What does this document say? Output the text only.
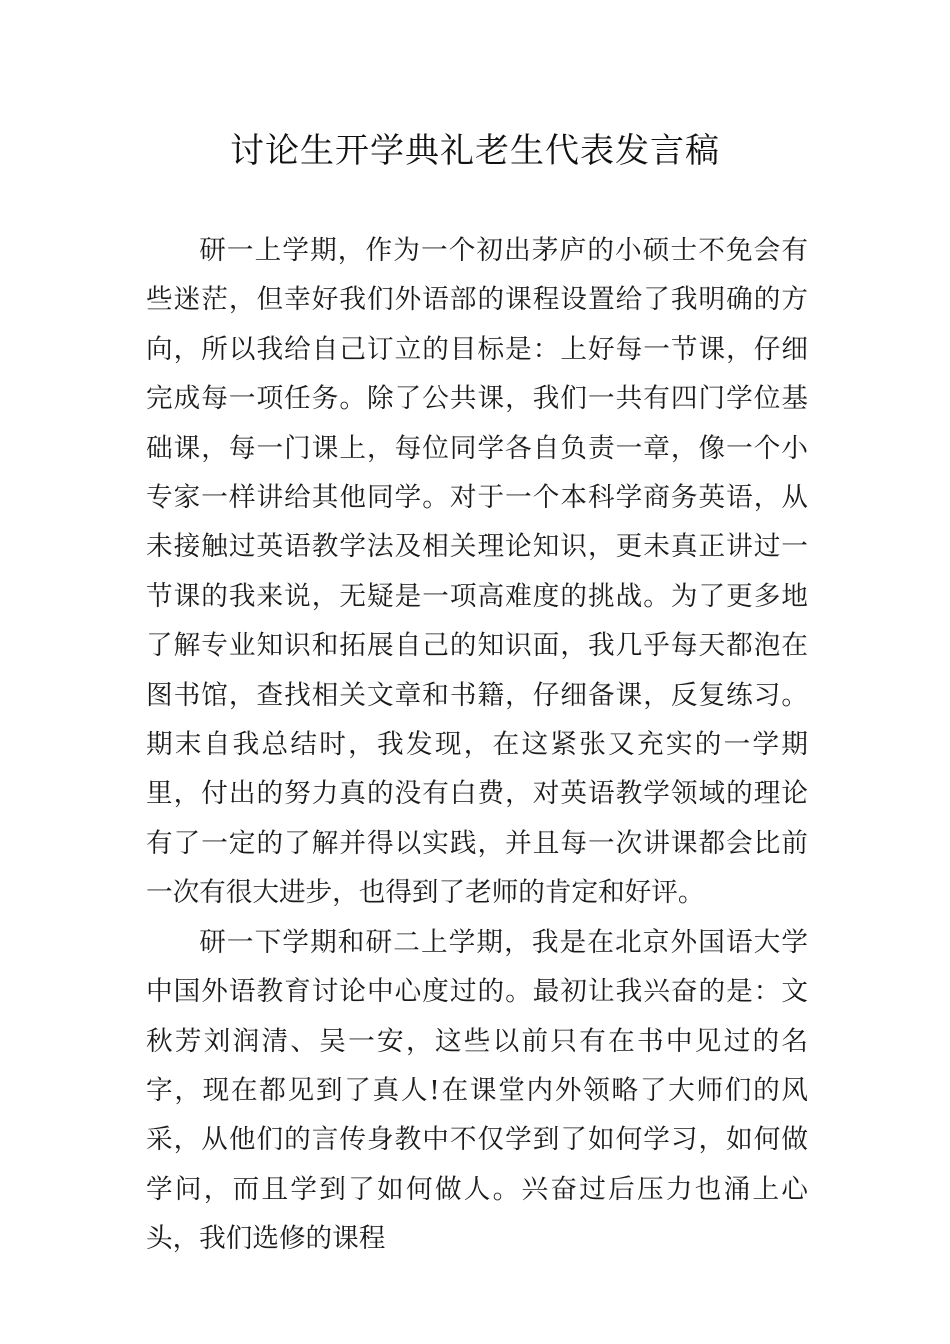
讨论生开学典礼老生代表发言稿

研一上学期，作为一个初出茅庐的小硕士不免会有些迷茫，但幸好我们外语部的课程设置给了我明确的方向，所以我给自己订立的目标是：上好每一节课，仔细完成每一项任务。除了公共课，我们一共有四门学位基础课，每一门课上，每位同学各自负责一章，像一个小专家一样讲给其他同学。对于一个本科学商务英语，从未接触过英语教学法及相关理论知识，更未真正讲过一节课的我来说，无疑是一项高难度的挑战。为了更多地了解专业知识和拓展自己的知识面，我几乎每天都泡在图书馆，查找相关文章和书籍，仔细备课，反复练习。期末自我总结时，我发现，在这紧张又充实的一学期里，付出的努力真的没有白费，对英语教学领域的理论有了一定的了解并得以实践，并且每一次讲课都会比前一次有很大进步，也得到了老师的肯定和好评。

研一下学期和研二上学期，我是在北京外国语大学中国外语教育讨论中心度过的。最初让我兴奋的是：文秋芳刘润清、吴一安，这些以前只有在书中见过的名字，现在都见到了真人!在课堂内外领略了大师们的风采，从他们的言传身教中不仅学到了如何学习，如何做学问，而且学到了如何做人。兴奋过后压力也涌上心头，我们选修的课程
